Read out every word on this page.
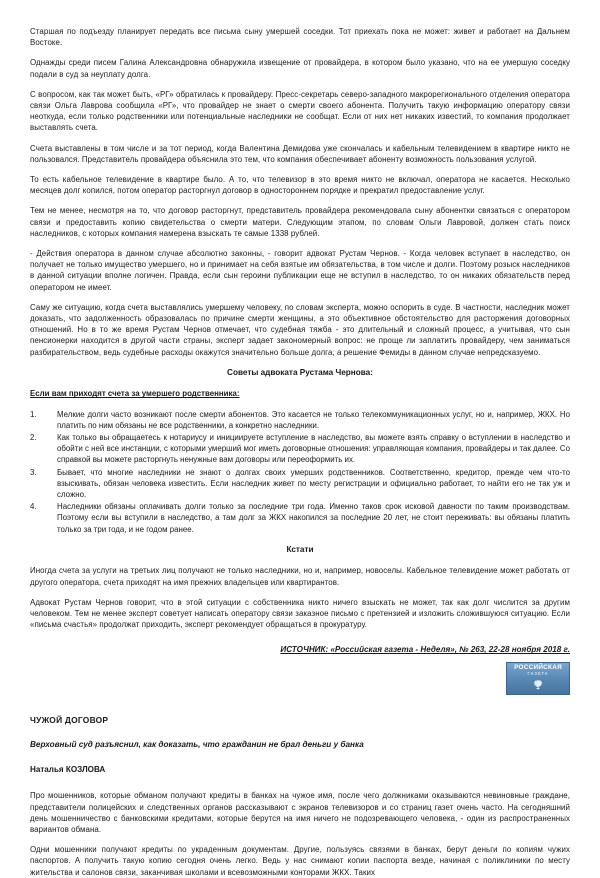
Старшая по подъезду планирует передать все письма сыну умершей соседки. Тот приехать пока не может: живет и работает на Дальнем Востоке.

Однажды среди писем Галина Александровна обнаружила извещение от провайдера, в котором было указано, что на ее умершую соседку подали в суд за неуплату долга.

С вопросом, как так может быть, «РГ» обратилась к провайдеру. Пресс-секретарь северо-западного макрорегионального отделения оператора связи Ольга Лаврова сообщила «РГ», что провайдер не знает о смерти своего абонента. Получить такую информацию оператору связи неоткуда, если только родственники или потенциальные наследники не сообщат. Если от них нет никаких известий, то компания продолжает выставлять счета.

Счета выставлены в том числе и за тот период, когда Валентина Демидова уже скончалась и кабельным телевидением в квартире никто не пользовался. Представитель провайдера объяснила это тем, что компания обеспечивает абоненту возможность пользования услугой.

То есть кабельное телевидение в квартире было. А то, что телевизор в это время никто не включал, оператора не касается. Несколько месяцев долг копился, потом оператор расторгнул договор в одностороннем порядке и прекратил предоставление услуг.

Тем не менее, несмотря на то, что договор расторгнут, представитель провайдера рекомендовала сыну абонентки связаться с оператором связи и предоставить копию свидетельства о смерти матери. Следующим этапом, по словам Ольги Лавровой, должен стать поиск наследников, с которых компания намерена взыскать те самые 1338 рублей.

- Действия оператора в данном случае абсолютно законны, - говорит адвокат Рустам Чернов. - Когда человек вступает в наследство, он получает не только имущество умершего, но и принимает на себя взятые им обязательства, в том числе и долги. Поэтому розыск наследников в данной ситуации вполне логичен. Правда, если сын героини публикации еще не вступил в наследство, то он никаких обязательств перед оператором не имеет.

Саму же ситуацию, когда счета выставлялись умершему человеку, по словам эксперта, можно оспорить в суде. В частности, наследник может доказать, что задолженность образовалась по причине смерти женщины, а это объективное обстоятельство для расторжения договорных отношений. Но в то же время Рустам Чернов отмечает, что судебная тяжба - это длительный и сложный процесс, а учитывая, что сын пенсионерки находится в другой части страны, эксперт задает закономерный вопрос: не проще ли заплатить провайдеру, чем заниматься разбирательством, ведь судебные расходы окажутся значительно больше долга, а решение Фемиды в данном случае непредсказуемо.

Советы адвоката Рустама Чернова:
Если вам приходят счета за умершего родственника:
1.	Мелкие долги часто возникают после смерти абонентов. Это касается не только телекоммуникационных услуг, но и, например, ЖКХ. Но платить по ним обязаны не все родственники, а конкретно наследники.
2.	Как только вы обращаетесь к нотариусу и инициируете вступление в наследство, вы можете взять справку о вступлении в наследство и обойти с ней все инстанции, с которыми умерший мог иметь договорные отношения: управляющая компания, провайдеры и так далее. Со справкой вы можете расторгнуть ненужные вам договоры или переоформить их.
3.	Бывает, что многие наследники не знают о долгах своих умерших родственников. Соответственно, кредитор, прежде чем что-то взыскивать, обязан человека известить. Если наследник живет по месту регистрации и официально работает, то найти его не так уж и сложно.
4.	Наследники обязаны оплачивать долги только за последние три года. Именно таков срок исковой давности по таким производствам. Поэтому если вы вступили в наследство, а там долг за ЖКХ накопился за последние 20 лет, не стоит переживать: вы обязаны платить только за три года, и не годом ранее.
Кстати

Иногда счета за услуги на третьих лиц получают не только наследники, но и, например, новоселы. Кабельное телевидение может работать от другого оператора, счета приходят на имя прежних владельцев или квартирантов.

Адвокат Рустам Чернов говорит, что в этой ситуации с собственника никто ничего взыскать не может, так как долг числится за другим человеком. Тем не менее эксперт советует написать оператору связи заказное письмо с претензией и изложить сложившуюся ситуацию. Если «письма счастья» продолжат приходить, эксперт рекомендует обращаться в прокуратуру.

ИСТОЧНИК: «Российская газета - Неделя», № 263, 22-28 ноября 2018 г.
РОССИЙСКАЯ
ГАЗЕТА
ЧУЖОЙ ДОГОВОР
Верховный суд разъяснил, как доказать, что гражданин не брал деньги у банка
Наталья КОЗЛОВА

Про мошенников, которые обманом получают кредиты в банках на чужое имя, после чего должниками оказываются невиновные граждане, представители полицейских и следственных органов рассказывают с экранов телевизоров и со страниц газет очень часто. На сегодняшний день мошенничество с банковскими кредитами, которые берутся на имя ничего не подозревающего человека, - один из распространенных вариантов обмана.

Одни мошенники получают кредиты по украденным документам. Другие, пользуясь связями в банках, берут деньги по копиям чужих паспортов. А получить такую копию сегодня очень легко. Ведь у нас снимают копии паспорта везде, начиная с поликлиники по месту жительства и салонов связи, заканчивая школами и всевозможными конторами ЖКХ. Таких
